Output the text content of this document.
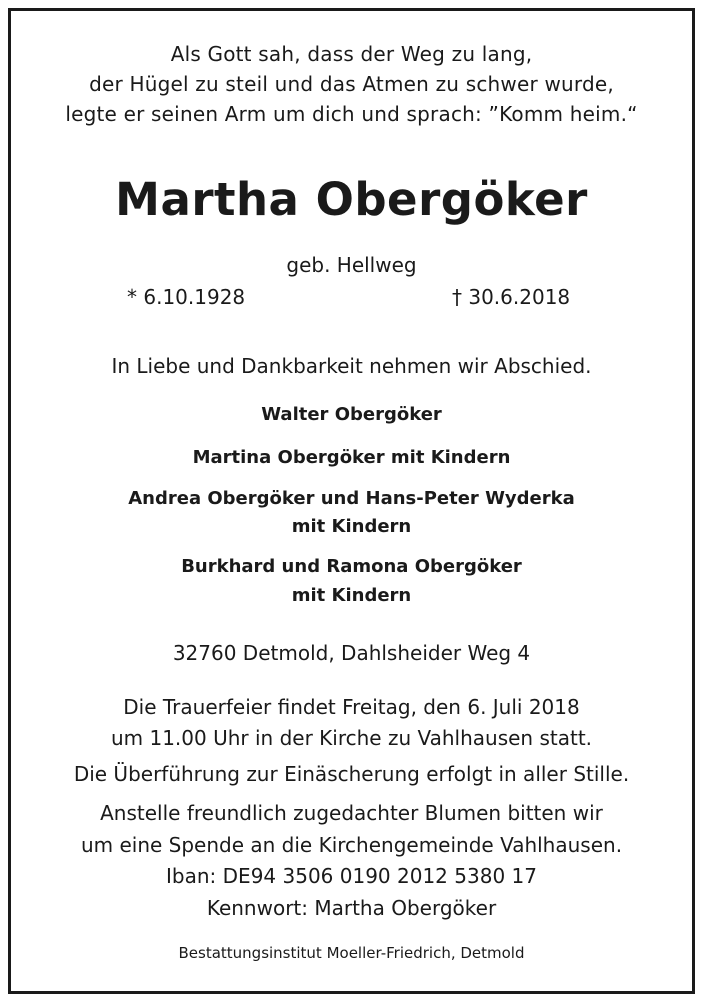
Als Gott sah, dass der Weg zu lang,
der Hügel zu steil und das Atmen zu schwer wurde,
legte er seinen Arm um dich und sprach: ”Komm heim.“
Martha Obergöker
geb. Hellweg
* 6.10.1928	† 30.6.2018
In Liebe und Dankbarkeit nehmen wir Abschied.
Walter Obergöker
Martina Obergöker mit Kindern
Andrea Obergöker und Hans-Peter Wyderka
mit Kindern
Burkhard und Ramona Obergöker
mit Kindern
32760 Detmold, Dahlsheider Weg 4
Die Trauerfeier findet Freitag, den 6. Juli 2018
um 11.00 Uhr in der Kirche zu Vahlhausen statt.
Die Überführung zur Einäscherung erfolgt in aller Stille.
Anstelle freundlich zugedachter Blumen bitten wir
um eine Spende an die Kirchengemeinde Vahlhausen.
Iban: DE94 3506 0190 2012 5380 17
Kennwort: Martha Obergöker
Bestattungsinstitut Moeller-Friedrich, Detmold
